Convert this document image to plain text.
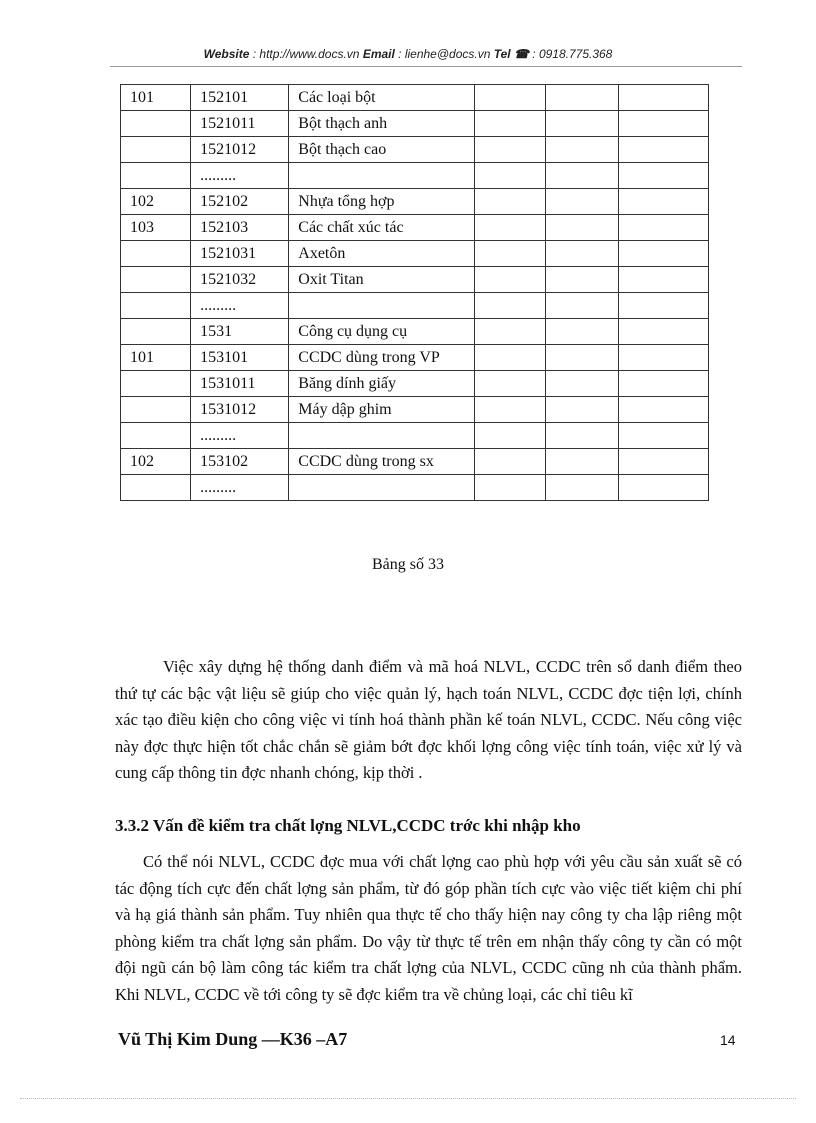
Website : http://www.docs.vn Email : lienhe@docs.vn Tel ☎ : 0918.775.368
101	152101	Các loại bột			
	1521011	Bột thạch anh			
	1521012	Bột thạch cao			
	.........				
102	152102	Nhựa tổng hợp			
103	152103	Các chất xúc tác			
	1521031	Axetôn			
	1521032	Oxit Titan			
	.........				
	1531	Công cụ dụng cụ			
101	153101	CCDC dùng trong VP			
	1531011	Băng dính giấy			
	1531012	Máy dập ghim			
	.........				
102	153102	CCDC dùng trong sx			
	.........				
Bảng số 33

Việc xây dựng hệ thống danh điểm và mã hoá NLVL, CCDC trên sổ danh điểm theo thứ tự các bậc vật liệu sẽ giúp cho việc quản lý, hạch toán NLVL, CCDC đợc tiện lợi, chính xác tạo điều kiện cho công việc vi tính hoá thành phần kế toán NLVL, CCDC. Nếu công việc này đợc thực hiện tốt chắc chắn sẽ giảm bớt đợc khối lợng công việc tính toán, việc xử lý và cung cấp thông tin đợc nhanh chóng, kịp thời .

3.3.2 Vấn đề kiểm tra chất lợng NLVL,CCDC trớc khi nhập kho

Có thể nói NLVL, CCDC đợc mua với chất lợng cao phù hợp với yêu cầu sản xuất sẽ có tác động tích cực đến chất lợng sản phẩm, từ đó góp phần tích cực vào việc tiết kiệm chi phí và hạ giá thành sản phẩm. Tuy nhiên qua thực tế cho thấy hiện nay công ty cha lập riêng một phòng kiểm tra chất lợng sản phẩm. Do vậy từ thực tế trên em nhận thấy công ty cần có một đội ngũ cán bộ làm công tác kiểm tra chất lợng của NLVL, CCDC cũng nh của thành phẩm. Khi NLVL, CCDC về tới công ty sẽ đợc kiểm tra về chủng loại, các chỉ tiêu kĩ

Vũ Thị Kim Dung —K36 –A7	14
